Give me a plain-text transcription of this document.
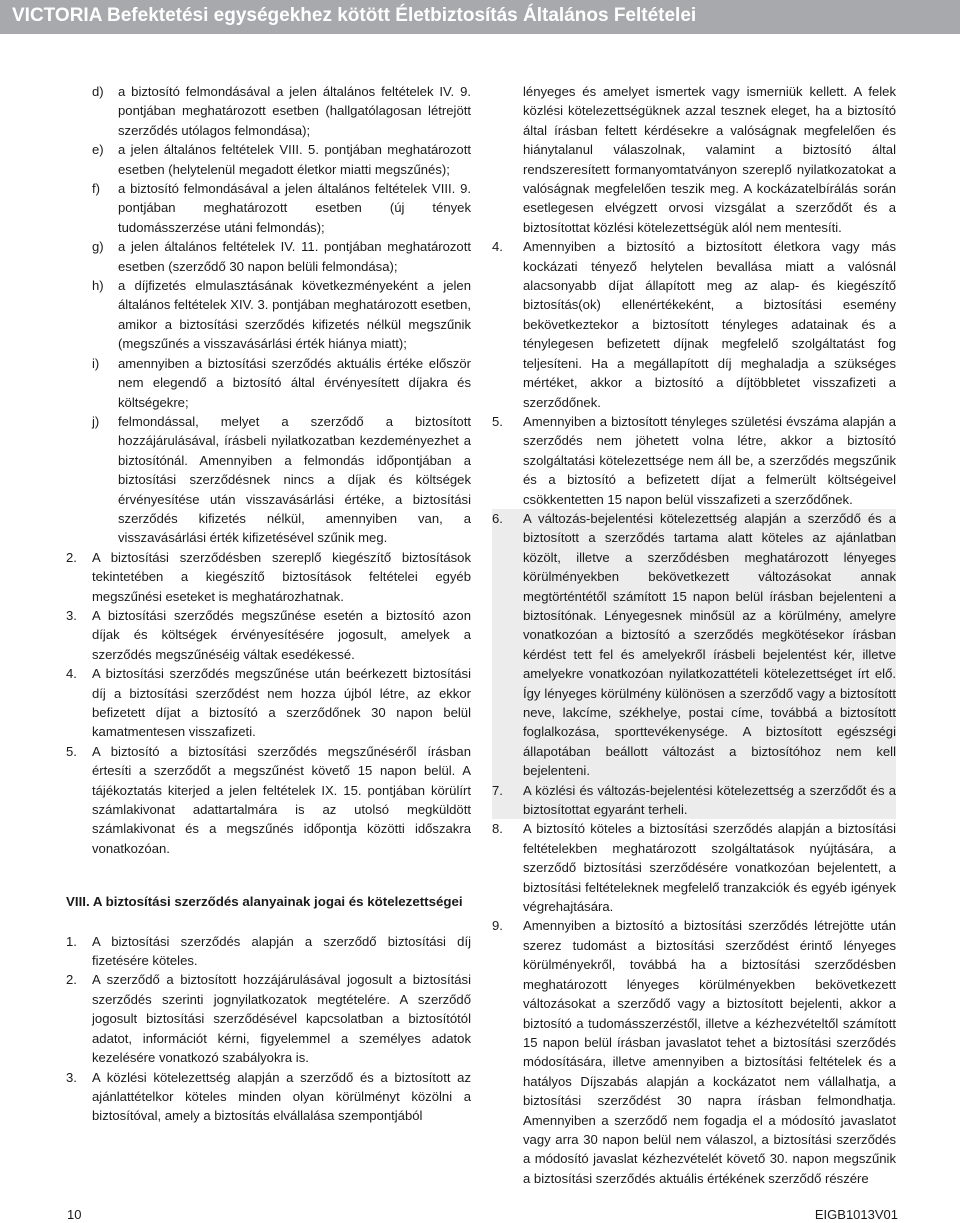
VICTORIA Befektetési egységekhez kötött Életbiztosítás Általános Feltételei
d)	a biztosító felmondásával a jelen általános feltételek IV. 9. pontjában meghatározott esetben (hallgatólagosan létrejött szerződés utólagos felmondása);
e)	a jelen általános feltételek VIII. 5. pontjában meghatározott esetben (helytelenül megadott életkor miatti megszűnés);
f)	a biztosító felmondásával a jelen általános feltételek VIII. 9. pontjában meghatározott esetben (új tények tudomásszerzése utáni felmondás);
g)	a jelen általános feltételek IV. 11. pontjában meghatározott esetben (szerződő 30 napon belüli felmondása);
h)	a díjfizetés elmulasztásának következményeként a jelen általános feltételek XIV. 3. pontjában meghatározott esetben, amikor a biztosítási szerződés kifizetés nélkül megszűnik (megszűnés a visszavásárlási érték hiánya miatt);
i)	amennyiben a biztosítási szerződés aktuális értéke először nem elegendő a biztosító által érvényesített díjakra és költségekre;
j)	felmondással, melyet a szerződő a biztosított hozzájárulásával, írásbeli nyilatkozatban kezdeményezhet a biztosítónál. Amennyiben a felmondás időpontjában a biztosítási szerződésnek nincs a díjak és költségek érvényesítése után visszavásárlási értéke, a biztosítási szerződés kifizetés nélkül, amennyiben van, a visszavásárlási érték kifizetésével szűnik meg.
2.	A biztosítási szerződésben szereplő kiegészítő biztosítások tekintetében a kiegészítő biztosítások feltételei egyéb megszűnési eseteket is meghatározhatnak.
3.	A biztosítási szerződés megszűnése esetén a biztosító azon díjak és költségek érvényesítésére jogosult, amelyek a szerződés megszűnéséig váltak esedékessé.
4.	A biztosítási szerződés megszűnése után beérkezett biztosítási díj a biztosítási szerződést nem hozza újból létre, az ekkor befizetett díjat a biztosító a szerződőnek 30 napon belül kamatmentesen visszafizeti.
5.	A biztosító a biztosítási szerződés megszűnéséről írásban értesíti a szerződőt a megszűnést követő 15 napon belül. A tájékoztatás kiterjed a jelen feltételek IX. 15. pontjában körülírt számlakivonat adattartalmára is az utolsó megküldött számlakivonat és a megszűnés időpontja közötti időszakra vonatkozóan.
VIII. A biztosítási szerződés alanyainak jogai és kötelezettségei
1.	A biztosítási szerződés alapján a szerződő biztosítási díj fizetésére köteles.
2.	A szerződő a biztosított hozzájárulásával jogosult a biztosítási szerződés szerinti jognyilatkozatok megtételére. A szerződő jogosult biztosítási szerződésével kapcsolatban a biztosítótól adatot, információt kérni, figyelemmel a személyes adatok kezelésére vonatkozó szabályokra is.
3.	A közlési kötelezettség alapján a szerződő és a biztosított az ajánlattételkor köteles minden olyan körülményt közölni a biztosítóval, amely a biztosítás elvállalása szempontjából
lényeges és amelyet ismertek vagy ismerniük kellett. A felek közlési kötelezettségüknek azzal tesznek eleget, ha a biztosító által írásban feltett kérdésekre a valóságnak megfelelően és hiánytalanul válaszolnak, valamint a biztosító által rendszeresített formanyomtatványon szereplő nyilatkozatokat a valóságnak megfelelően teszik meg. A kockázatelbírálás során esetlegesen elvégzett orvosi vizsgálat a szerződőt és a biztosítottat közlési kötelezettségük alól nem mentesíti.
4.	Amennyiben a biztosító a biztosított életkora vagy más kockázati tényező helytelen bevallása miatt a valósnál alacsonyabb díjat állapított meg az alap- és kiegészítő biztosítás(ok) ellenértékeként, a biztosítási esemény bekövetkeztekor a biztosított tényleges adatainak és a ténylegesen befizetett díjnak megfelelő szolgáltatást fog teljesíteni. Ha a megállapított díj meghaladja a szükséges mértéket, akkor a biztosító a díjtöbbletet visszafizeti a szerződőnek.
5.	Amennyiben a biztosított tényleges születési évszáma alapján a szerződés nem jöhetett volna létre, akkor a biztosító szolgáltatási kötelezettsége nem áll be, a szerződés megszűnik és a biztosító a befizetett díjat a felmerült költségeivel csökkentetten 15 napon belül visszafizeti a szerződőnek.
6.	A változás-bejelentési kötelezettség alapján a szerződő és a biztosított a szerződés tartama alatt köteles az ajánlatban közölt, illetve a szerződésben meghatározott lényeges körülményekben bekövetkezett változásokat annak megtörténtétől számított 15 napon belül írásban bejelenteni a biztosítónak. Lényegesnek minősül az a körülmény, amelyre vonatkozóan a biztosító a szerződés megkötésekor írásban kérdést tett fel és amelyekről írásbeli bejelentést kér, illetve amelyekre vonatkozóan nyilatkozattételi kötelezettséget írt elő. Így lényeges körülmény különösen a szerződő vagy a biztosított neve, lakcíme, székhelye, postai címe, továbbá a biztosított foglalkozása, sporttevékenysége. A biztosított egészségi állapotában beállott változást a biztosítóhoz nem kell bejelenteni.
7.	A közlési és változás-bejelentési kötelezettség a szerződőt és a biztosítottat egyaránt terheli.
8.	A biztosító köteles a biztosítási szerződés alapján a biztosítási feltételekben meghatározott szolgáltatások nyújtására, a szerződő biztosítási szerződésére vonatkozóan bejelentett, a biztosítási feltételeknek megfelelő tranzakciók és egyéb igények végrehajtására.
9.	Amennyiben a biztosító a biztosítási szerződés létrejötte után szerez tudomást a biztosítási szerződést érintő lényeges körülményekről, továbbá ha a biztosítási szerződésben meghatározott lényeges körülményekben bekövetkezett változásokat a szerződő vagy a biztosított bejelenti, akkor a biztosító a tudomásszerzéstől, illetve a kézhezvételtől számított 15 napon belül írásban javaslatot tehet a biztosítási szerződés módosítására, illetve amennyiben a biztosítási feltételek és a hatályos Díjszabás alapján a kockázatot nem vállalhatja, a biztosítási szerződést 30 napra írásban felmondhatja. Amennyiben a szerződő nem fogadja el a módosító javaslatot vagy arra 30 napon belül nem válaszol, a biztosítási szerződés a módosító javaslat kézhezvételét követő 30. napon megszűnik a biztosítási szerződés aktuális értékének szerződő részére
10	EIGB1013V01
